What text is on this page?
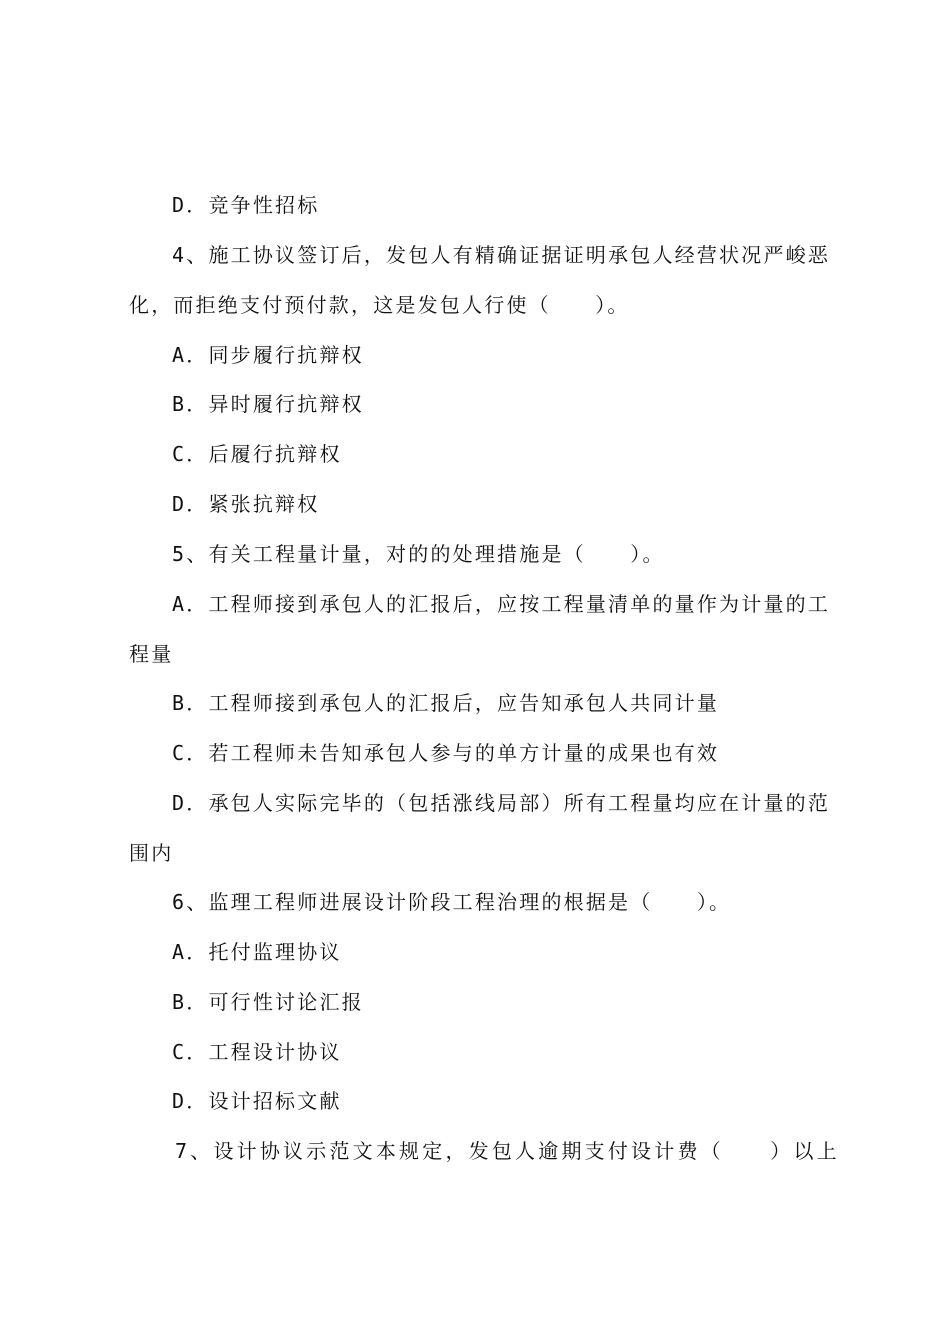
D．竞争性招标
4、施工协议签订后，发包人有精确证据证明承包人经营状况严峻恶
化，而拒绝支付预付款，这是发包人行使（　　）。
A．同步履行抗辩权
B．异时履行抗辩权
C．后履行抗辩权
D．紧张抗辩权
5、有关工程量计量，对的的处理措施是（　　）。
A．工程师接到承包人的汇报后，应按工程量清单的量作为计量的工
程量
B．工程师接到承包人的汇报后，应告知承包人共同计量
C．若工程师未告知承包人参与的单方计量的成果也有效
D．承包人实际完毕的（包括涨线局部）所有工程量均应在计量的范
围内
6、监理工程师进展设计阶段工程治理的根据是（　　）。
A．托付监理协议
B．可行性讨论汇报
C．工程设计协议
D．设计招标文献
7、设计协议示范文本规定，发包人逾期支付设计费（　　）以上
